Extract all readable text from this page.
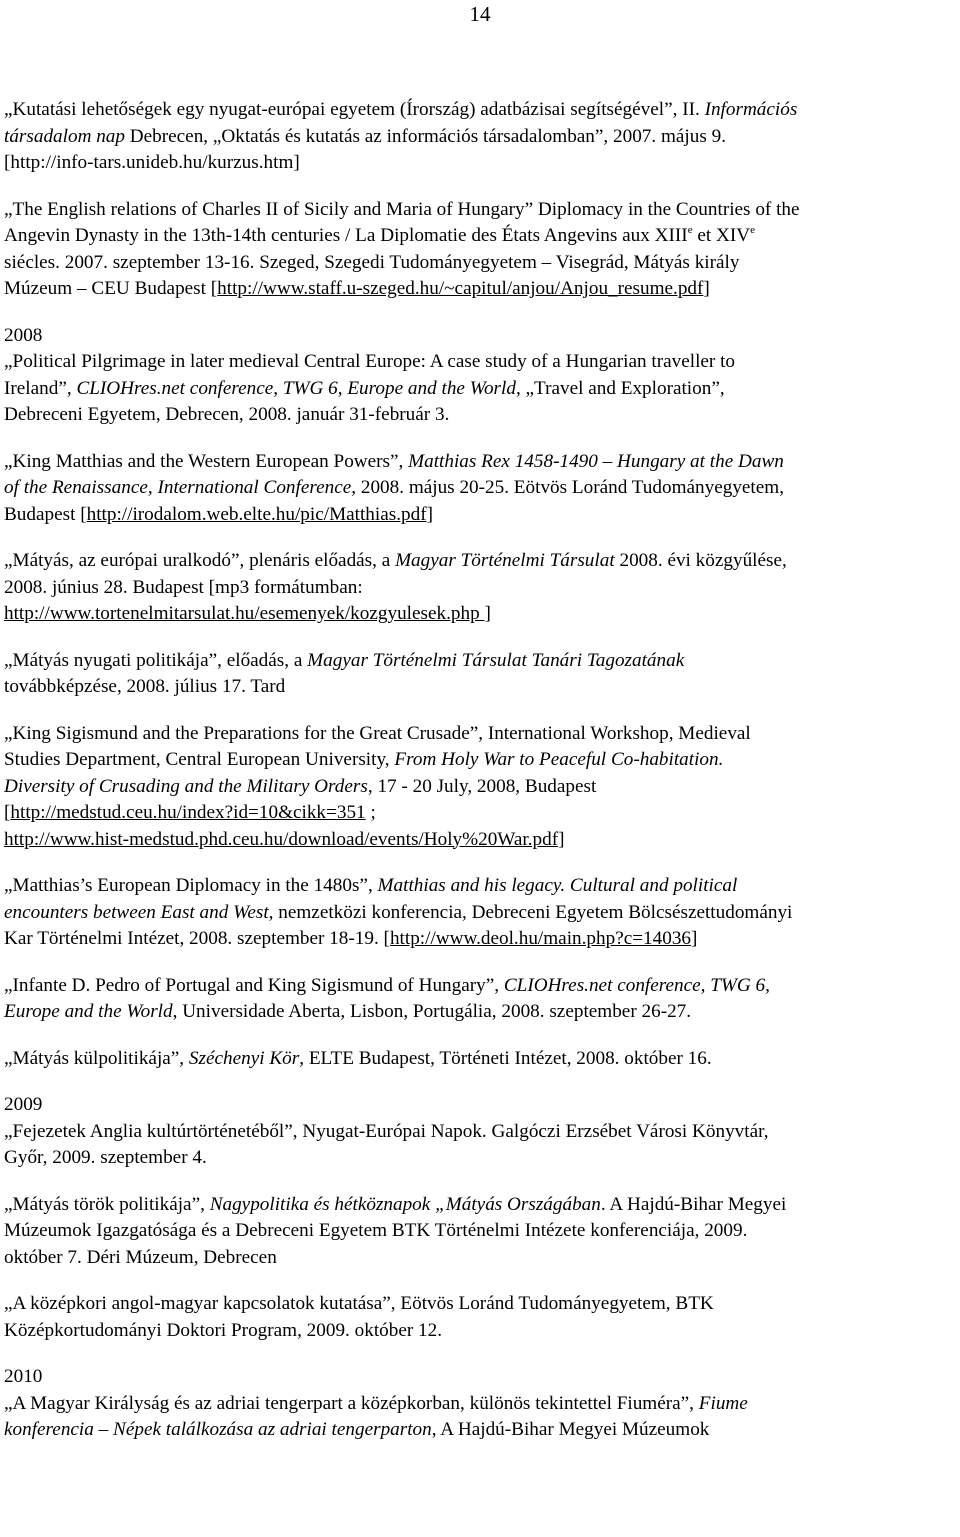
14

„Kutatási lehetőségek egy nyugat-európai egyetem (Írország) adatbázisai segítségével”, II. Információs

társadalom nap Debrecen, „Oktatás és kutatás az információs társadalomban”, 2007. május 9.

[http://info-tars.unideb.hu/kurzus.htm]

„The English relations of Charles II of Sicily and Maria of Hungary” Diplomacy in the Countries of the

Angevin Dynasty in the 13th-14th centuries / La Diplomatie des États Angevins aux XIIIe et XIVe

siécles. 2007. szeptember 13-16. Szeged, Szegedi Tudományegyetem – Visegrád, Mátyás király

Múzeum – CEU Budapest [http://www.staff.u-szeged.hu/~capitul/anjou/Anjou_resume.pdf]

2008

„Political Pilgrimage in later medieval Central Europe: A case study of a Hungarian traveller to

Ireland”, CLIOHres.net conference, TWG 6, Europe and the World, „Travel and Exploration”,

Debreceni Egyetem, Debrecen, 2008. január 31-február 3.

„King Matthias and the Western European Powers”, Matthias Rex 1458-1490 – Hungary at the Dawn

of the Renaissance, International Conference, 2008. május 20-25. Eötvös Loránd Tudományegyetem,

Budapest [http://irodalom.web.elte.hu/pic/Matthias.pdf]

„Mátyás, az európai uralkodó”, plenáris előadás, a Magyar Történelmi Társulat 2008. évi közgyűlése,

2008. június 28. Budapest [mp3 formátumban:

http://www.tortenelmitarsulat.hu/esemenyek/kozgyulesek.php ]

„Mátyás nyugati politikája”, előadás, a Magyar Történelmi Társulat Tanári Tagozatának

továbbképzése, 2008. július 17. Tard

„King Sigismund and the Preparations for the Great Crusade”, International Workshop, Medieval

Studies Department, Central European University, From Holy War to Peaceful Co-habitation.

Diversity of Crusading and the Military Orders, 17 - 20 July, 2008, Budapest

[http://medstud.ceu.hu/index?id=10&cikk=351 ;

http://www.hist-medstud.phd.ceu.hu/download/events/Holy%20War.pdf]

„Matthias’s European Diplomacy in the 1480s”, Matthias and his legacy. Cultural and political

encounters between East and West, nemzetközi konferencia, Debreceni Egyetem Bölcsészettudományi

Kar Történelmi Intézet, 2008. szeptember 18-19. [http://www.deol.hu/main.php?c=14036]

„Infante D. Pedro of Portugal and King Sigismund of Hungary”, CLIOHres.net conference, TWG 6,

Europe and the World, Universidade Aberta, Lisbon, Portugália, 2008. szeptember 26-27.

„Mátyás külpolitikája”, Széchenyi Kör, ELTE Budapest, Történeti Intézet, 2008. október 16.

2009

„Fejezetek Anglia kultúrtörténetéből”, Nyugat-Európai Napok. Galgóczi Erzsébet Városi Könyvtár,

Győr, 2009. szeptember 4.

„Mátyás török politikája”, Nagypolitika és hétköznapok „Mátyás Országában. A Hajdú-Bihar Megyei

Múzeumok Igazgatósága és a Debreceni Egyetem BTK Történelmi Intézete konferenciája, 2009.

október 7. Déri Múzeum, Debrecen

„A középkori angol-magyar kapcsolatok kutatása”, Eötvös Loránd Tudományegyetem, BTK

Középkortudományi Doktori Program, 2009. október 12.

2010

„A Magyar Királyság és az adriai tengerpart a középkorban, különös tekintettel Fiuméra”, Fiume

konferencia – Népek találkozása az adriai tengerparton, A Hajdú-Bihar Megyei Múzeumok
